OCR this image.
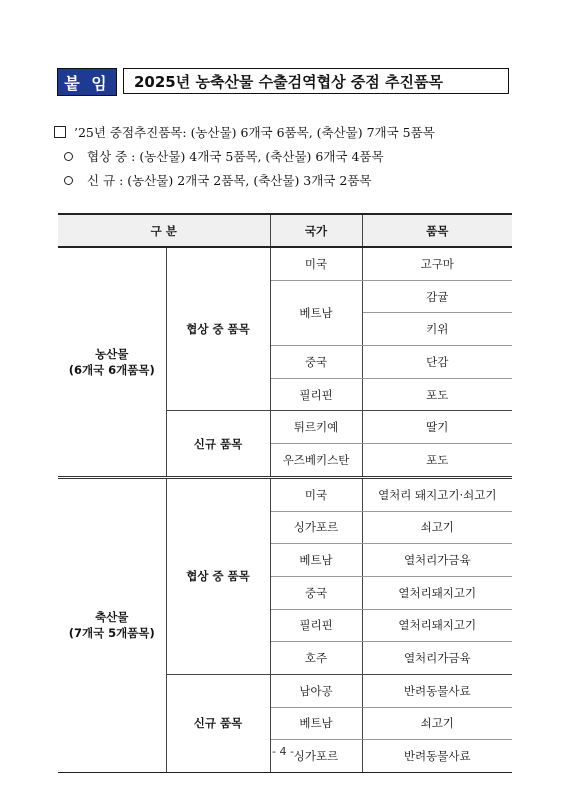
붙 임	2025년 농축산물 수출검역협상 중점 추진품목
’25년 중점추진품목: (농산물) 6개국 6품목, (축산물) 7개국 5품목
협상 중 : (농산물) 4개국 5품목, (축산물) 6개국 4품목
신 규 : (농산물) 2개국 2품목, (축산물) 3개국 2품목
구 분		국가	품목

농산물
(6개국 6개품목)	협상 중 품목	미국	고구마
		베트남	감귤
			키위
		중국	단감
		필리핀	포도
	신규 품목	튀르키예	딸기
		우즈베키스탄	포도

축산물
(7개국 5개품목)	협상 중 품목	미국	열처리 돼지고기·쇠고기
		싱가포르	쇠고기
		베트남	열처리가금육
		중국	열처리돼지고기
		필리핀	열처리돼지고기
		호주	열처리가금육
	신규 품목	남아공	반려동물사료
		베트남	쇠고기
		싱가포르	반려동물사료
- 4 -
